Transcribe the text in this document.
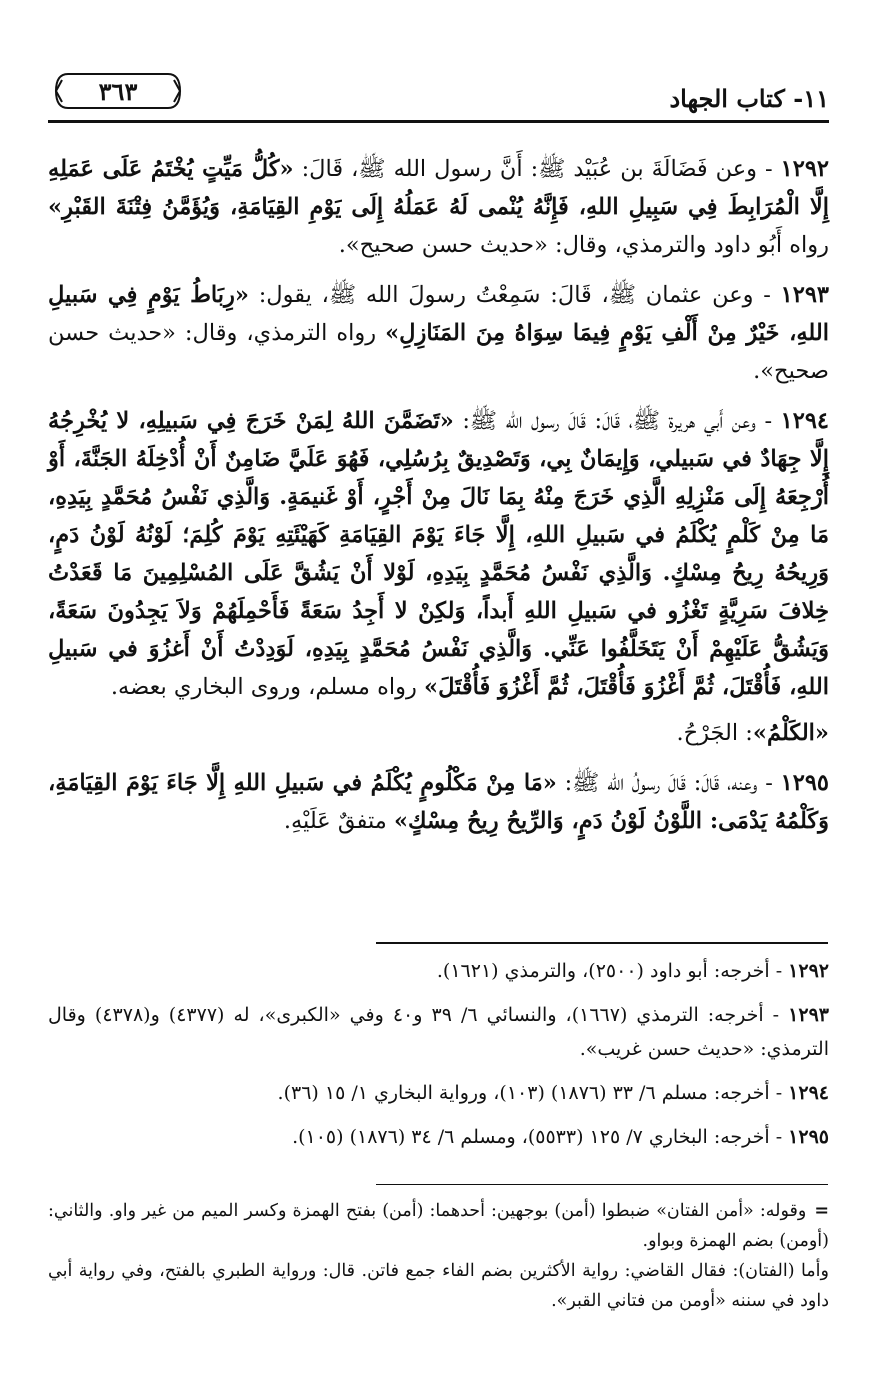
٣٦٣	١١- كتاب الجهاد

١٢٩٢ - وعن فَضَالَةَ بن عُبَيْد ﷺ: أَنَّ رسول الله ﷺ، قَالَ: «كُلُّ مَيِّتٍ يُخْتَمُ عَلَى عَمَلِهِ إِلَّا الْمُرَابِطَ فِي سَبِيلِ اللهِ، فَإِنَّهُ يُنْمى لَهُ عَمَلُهُ إِلَى يَوْمِ القِيَامَةِ، وَيُؤَمَّنُ فِتْنَةَ القَبْرِ» رواه أَبُو داود والترمذي، وقال: «حديث حسن صحيح».

١٢٩٣ - وعن عثمان ﷺ، قَالَ: سَمِعْتُ رسولَ الله ﷺ، يقول: «رِبَاطُ يَوْمٍ فِي سَبيلِ اللهِ، خَيْرٌ مِنْ أَلْفِ يَوْمٍ فِيمَا سِوَاهُ مِنَ المَنَازِلِ» رواه الترمذي، وقال: «حديث حسن صحيح».

١٢٩٤ - وعن أَبي هريرة ﷺ، قَالَ: قَالَ رسول الله ﷺ: «تَضَمَّنَ اللهُ لِمَنْ خَرَجَ فِي سَبيلِهِ، لا يُخْرِجُهُ إِلَّا جِهَادٌ في سَبيلي، وَإِيمَانٌ بِي، وَتَصْدِيقٌ بِرُسُلِي، فَهُوَ عَلَيَّ ضَامِنٌ أَنْ أُدْخِلَهُ الجَنَّةَ، أَوْ أُرْجِعَهُ إِلَى مَنْزِلِهِ الَّذِي خَرَجَ مِنْهُ بِمَا نَالَ مِنْ أَجْرٍ، أَوْ غَنيمَةٍ. وَالَّذِي نَفْسُ مُحَمَّدٍ بِيَدِهِ، مَا مِنْ كَلْمٍ يُكْلَمُ في سَبيلِ اللهِ، إِلَّا جَاءَ يَوْمَ القِيَامَةِ كَهَيْئَتِهِ يَوْمَ كُلِمَ؛ لَوْنُهُ لَوْنُ دَمٍ، وَرِيحُهُ رِيحُ مِسْكٍ. وَالَّذِي نَفْسُ مُحَمَّدٍ بِيَدِهِ، لَوْلا أَنْ يَشُقَّ عَلَى المُسْلِمِينَ مَا قَعَدْتُ خِلافَ سَرِيَّةٍ تَغْزُو في سَبيلِ اللهِ أَبداً، وَلكِنْ لا أَجِدُ سَعَةً فَأَحْمِلَهُمْ وَلاَ يَجِدُونَ سَعَةً، وَيَشُقُّ عَلَيْهِمْ أَنْ يَتَخَلَّفُوا عَنِّي. وَالَّذِي نَفْسُ مُحَمَّدٍ بِيَدِهِ، لَوَدِدْتُ أَنْ أَغزُوَ في سَبيلِ اللهِ، فَأُقْتَلَ، ثُمَّ أَغْزُوَ فَأُقْتَلَ، ثُمَّ أَغْزُوَ فَأُقْتَلَ» رواه مسلم، وروى البخاري بعضه.

«الكَلْمُ»: الجَرْحُ.

١٢٩٥ - وعنه، قَالَ: قَالَ رسولُ الله ﷺ: «مَا مِنْ مَكْلُومٍ يُكْلَمُ في سَبيلِ اللهِ إِلَّا جَاءَ يَوْمَ القِيَامَةِ، وَكَلْمُهُ يَدْمَى: اللَّوْنُ لَوْنُ دَمٍ، وَالرِّيحُ رِيحُ مِسْكٍ» متفقٌ عَلَيْهِ.

١٢٩٢ - أخرجه: أبو داود (٢٥٠٠)، والترمذي (١٦٢١).

١٢٩٣ - أخرجه: الترمذي (١٦٦٧)، والنسائي ٦/ ٣٩ و٤٠ وفي «الكبرى»، له (٤٣٧٧) و(٤٣٧٨) وقال الترمذي: «حديث حسن غريب».

١٢٩٤ - أخرجه: مسلم ٦/ ٣٣ (١٨٧٦) (١٠٣)، ورواية البخاري ١/ ١٥ (٣٦).

١٢٩٥ - أخرجه: البخاري ٧/ ١٢٥ (٥٥٣٣)، ومسلم ٦/ ٣٤ (١٨٧٦) (١٠٥).

=وقوله: «أمن الفتان» ضبطوا (أمن) بوجهين: أحدهما: (أمن) بفتح الهمزة وكسر الميم من غير واو. والثاني: (أومن) بضم الهمزة وبواو.

وأما (الفتان): فقال القاضي: رواية الأكثرين بضم الفاء جمع فاتن. قال: ورواية الطبري بالفتح، وفي رواية أبي داود في سننه «أومن من فتاني القبر».
